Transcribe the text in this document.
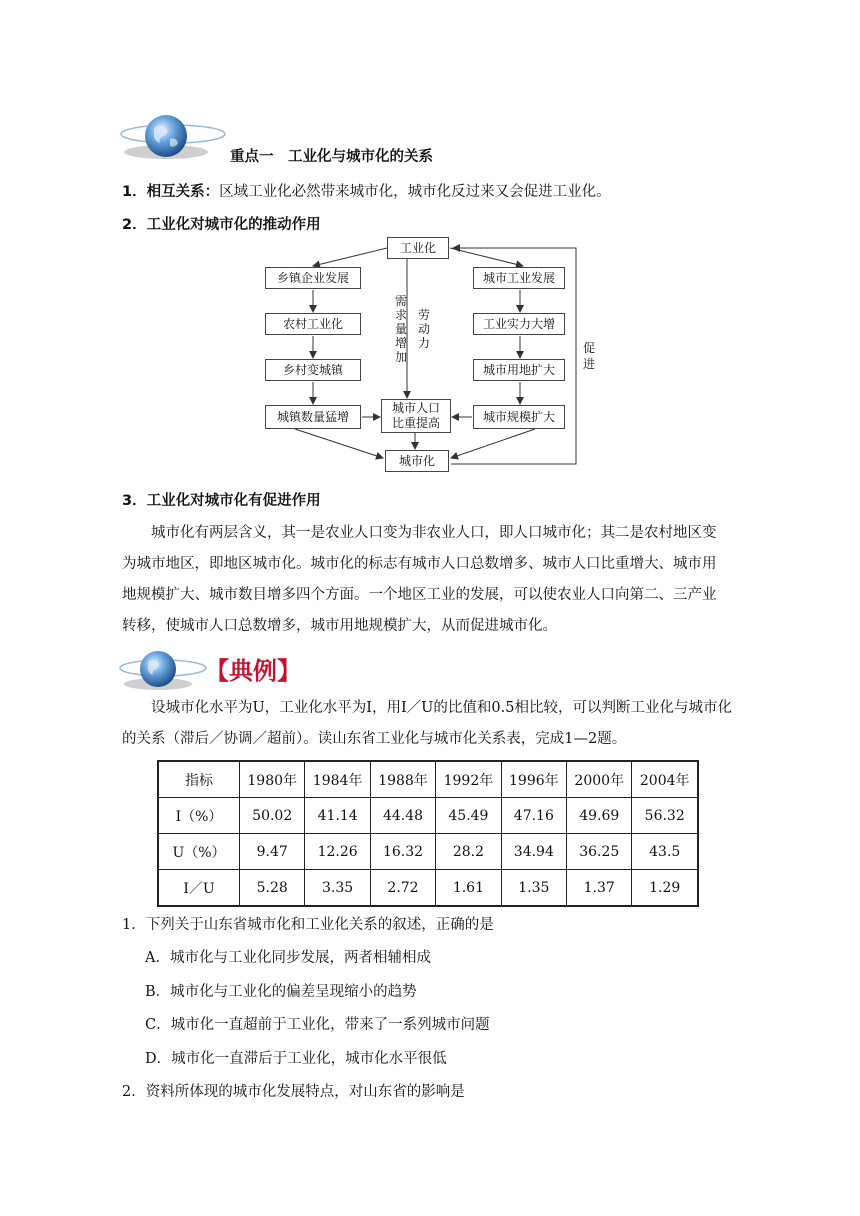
重点一　工业化与城市化的关系
1．相互关系：区域工业化必然带来城市化，城市化反过来又会促进工业化。
2．工业化对城市化的推动作用
工业化
乡镇企业发展
农村工业化
乡村变城镇
城镇数量猛增
城市工业发展
工业实力大增
城市用地扩大
城市规模扩大
城市人口比重提高
城市化
需求量增加
劳动力	促进
3．工业化对城市化有促进作用
城市化有两层含义，其一是农业人口变为非农业人口，即人口城市化；其二是农村地区变为城市地区，即地区城市化。城市化的标志有城市人口总数增多、城市人口比重增大、城市用地规模扩大、城市数目增多四个方面。一个地区工业的发展，可以使农业人口向第二、三产业转移，使城市人口总数增多，城市用地规模扩大，从而促进城市化。
【典例】
设城市化水平为U，工业化水平为I，用I／U的比值和0.5相比较，可以判断工业化与城市化的关系（滞后／协调／超前）。读山东省工业化与城市化关系表，完成1—2题。
指标	1980年	1984年	1988年	1992年	1996年	2000年	2004年
I（%）	50.02	41.14	44.48	45.49	47.16	49.69	56.32
U（%）	9.47	12.26	16.32	28.2	34.94	36.25	43.5
I／U	5.28	3.35	2.72	1.61	1.35	1.37	1.29
1．下列关于山东省城市化和工业化关系的叙述，正确的是
A．城市化与工业化同步发展，两者相辅相成
B．城市化与工业化的偏差呈现缩小的趋势
C．城市化一直超前于工业化，带来了一系列城市问题
D．城市化一直滞后于工业化，城市化水平很低
2．资料所体现的城市化发展特点，对山东省的影响是
